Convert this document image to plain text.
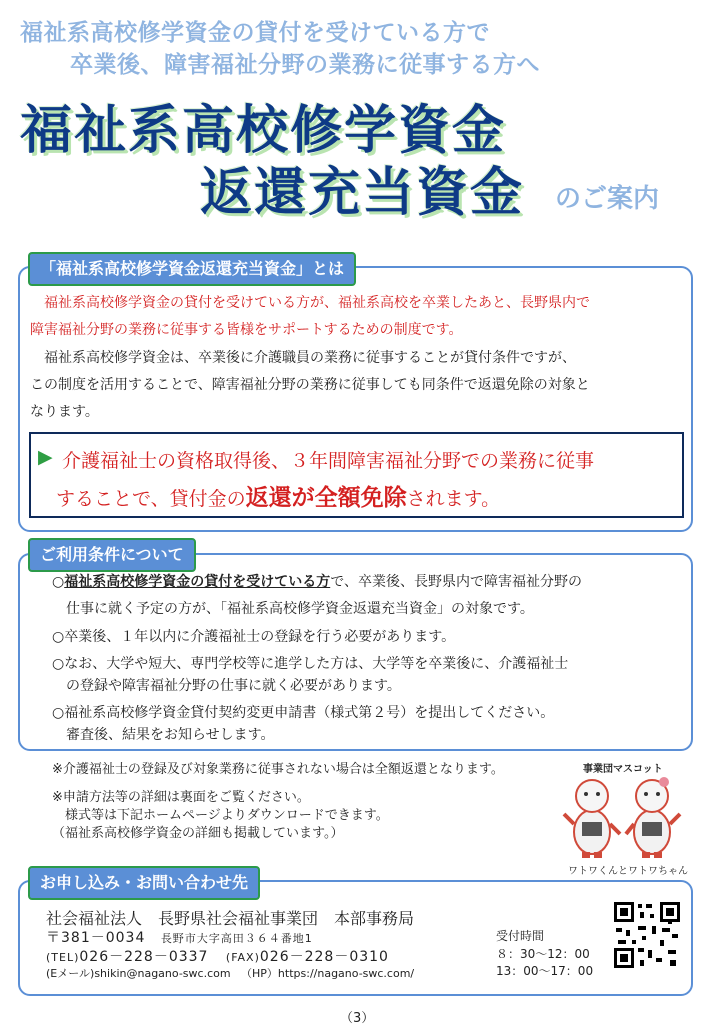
福祉系高校修学資金の貸付を受けている方で
卒業後、障害福祉分野の業務に従事する方へ
福祉系高校修学資金
返還充当資金 のご案内
「福祉系高校修学資金返還充当資金」とは
　福祉系高校修学資金の貸付を受けている方が、福祉系高校を卒業したあと、長野県内で
障害福祉分野の業務に従事する皆様をサポートするための制度です。
　福祉系高校修学資金は、卒業後に介護職員の業務に従事することが貸付条件ですが、
この制度を活用することで、障害福祉分野の業務に従事しても同条件で返還免除の対象と
なります。
▶ 介護福祉士の資格取得後、３年間障害福祉分野での業務に従事
することで、貸付金の返還が全額免除されます。
ご利用条件について
○福祉系高校修学資金の貸付を受けている方で、卒業後、長野県内で障害福祉分野の
　仕事に就く予定の方が、「福祉系高校修学資金返還充当資金」の対象です。
○卒業後、１年以内に介護福祉士の登録を行う必要があります。
○なお、大学や短大、専門学校等に進学した方は、大学等を卒業後に、介護福祉士
　の登録や障害福祉分野の仕事に就く必要があります。
○福祉系高校修学資金貸付契約変更申請書（様式第２号）を提出してください。
　審査後、結果をお知らせします。
※介護福祉士の登録及び対象業務に従事されない場合は全額返還となります。
※申請方法等の詳細は裏面をご覧ください。
　様式等は下記ホームページよりダウンロードできます。
（福祉系高校修学資金の詳細も掲載しています。）
事業団マスコット
ワトワくんとワトワちゃん
お申し込み・お問い合わせ先
社会福祉法人　長野県社会福祉事業団　本部事務局
〒381－0034 長野市大字高田３６４番地1
(TEL)026－228－0337 (FAX)026－228－0310
(Eメール)shikin@nagano-swc.com （HP）https://nagano-swc.com/
受付時間
８：30～12：00
13：00～17：00
（3）
